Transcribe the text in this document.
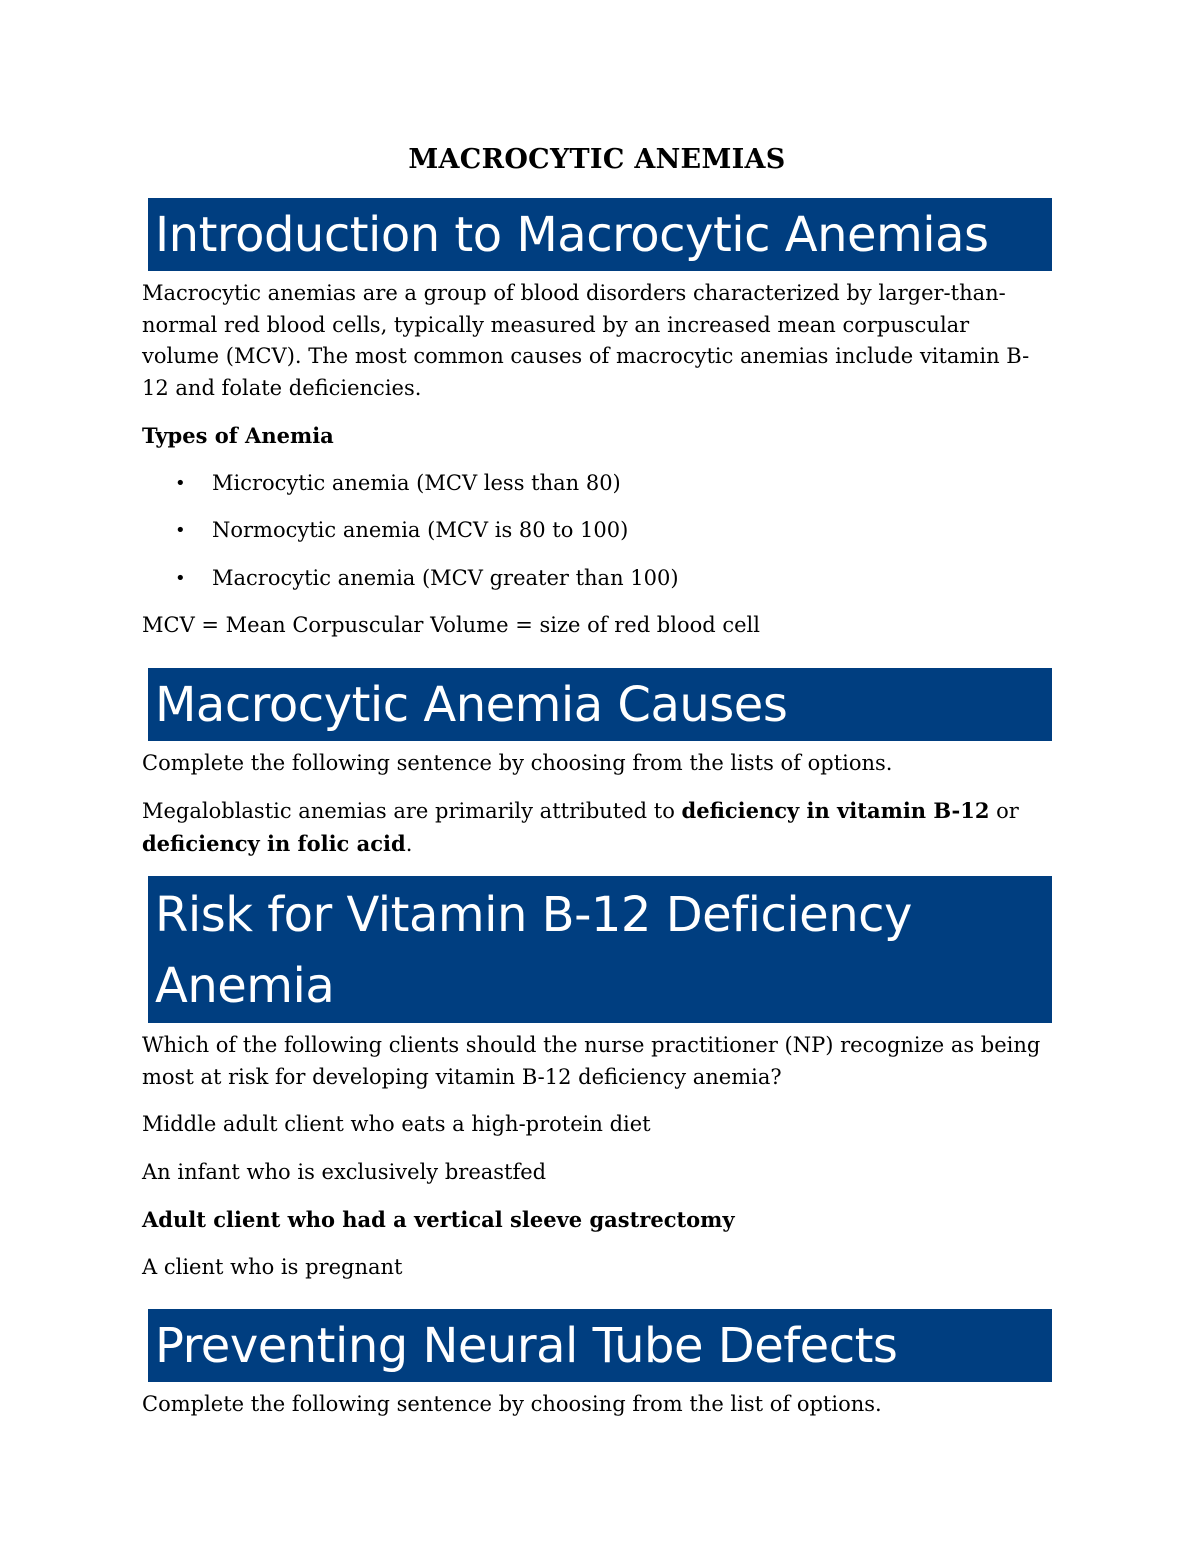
MACROCYTIC ANEMIAS
Introduction to Macrocytic Anemias

Macrocytic anemias are a group of blood disorders characterized by larger-than-normal red blood cells, typically measured by an increased mean corpuscular volume (MCV). The most common causes of macrocytic anemias include vitamin B-12 and folate deficiencies.

Types of Anemia

• Microcytic anemia (MCV less than 80)
• Normocytic anemia (MCV is 80 to 100)
• Macrocytic anemia (MCV greater than 100)

MCV = Mean Corpuscular Volume = size of red blood cell

Macrocytic Anemia Causes

Complete the following sentence by choosing from the lists of options.

Megaloblastic anemias are primarily attributed to deficiency in vitamin B-12 or deficiency in folic acid.

Risk for Vitamin B-12 Deficiency
Anemia

Which of the following clients should the nurse practitioner (NP) recognize as being most at risk for developing vitamin B-12 deficiency anemia?

Middle adult client who eats a high-protein diet

An infant who is exclusively breastfed

Adult client who had a vertical sleeve gastrectomy

A client who is pregnant

Preventing Neural Tube Defects

Complete the following sentence by choosing from the list of options.
